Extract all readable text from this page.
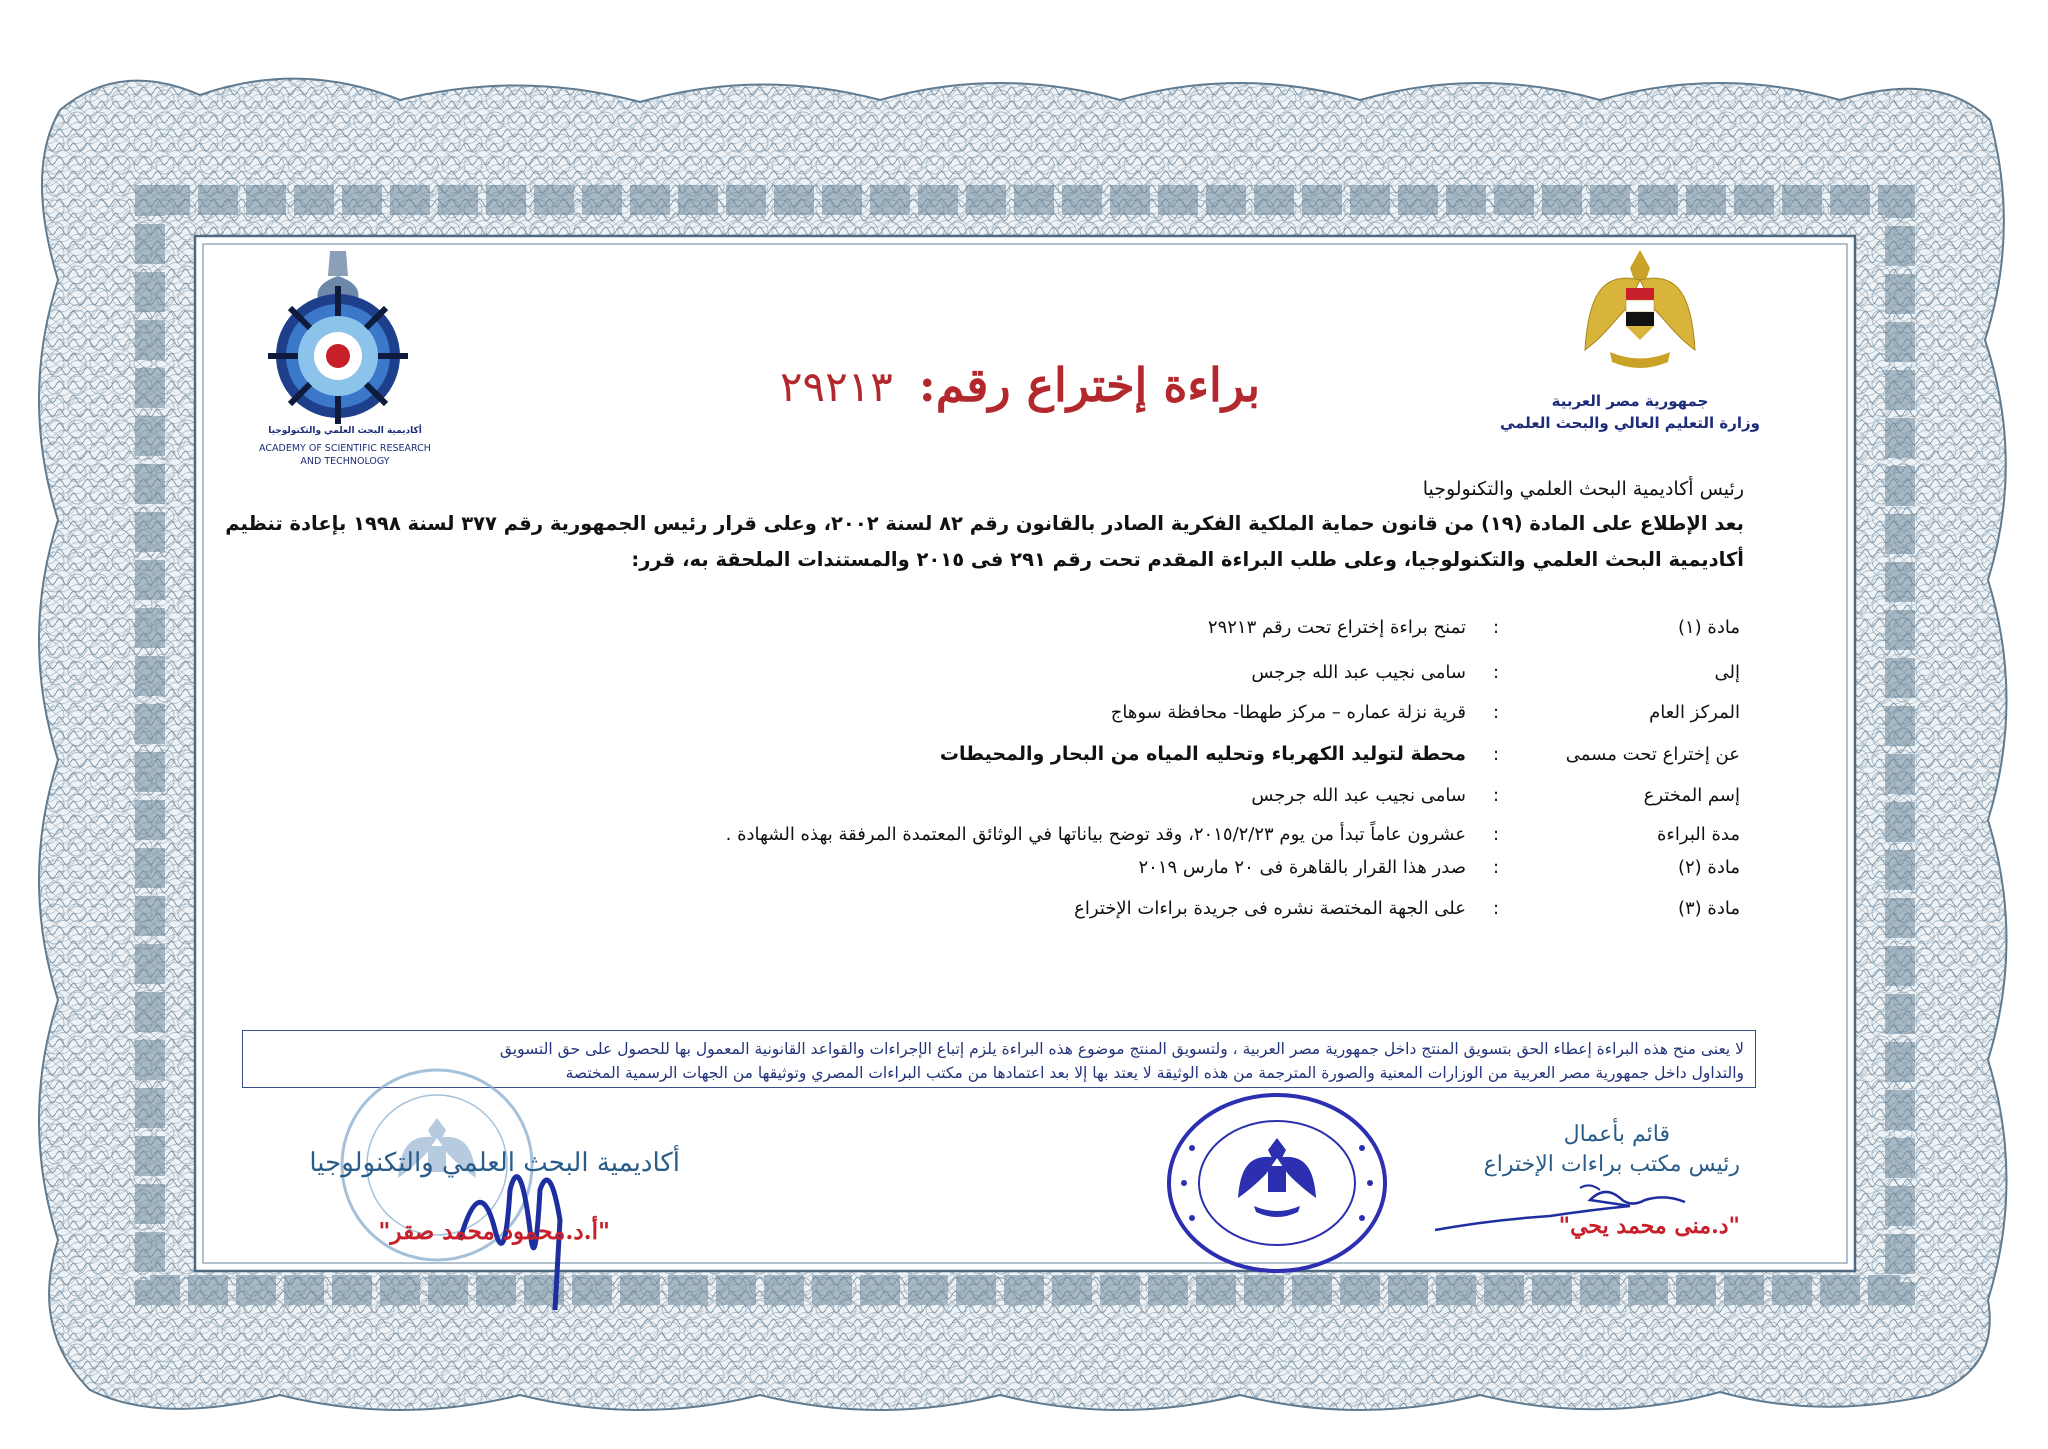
جمهورية مصر العربية
وزارة التعليم العالي والبحث العلمي
أكاديمية البحث العلمي والتكنولوجيا
ACADEMY OF SCIENTIFIC RESEARCH
AND TECHNOLOGY
براءة إختراع رقم:٢٩٢١٣
رئيس أكاديمية البحث العلمي والتكنولوجيا
بعد الإطلاع على المادة (١٩) من قانون حماية الملكية الفكرية الصادر بالقانون رقم ٨٢ لسنة ٢٠٠٢، وعلى قرار رئيس الجمهورية رقم ٣٧٧ لسنة ١٩٩٨ بإعادة تنظيم
أكاديمية البحث العلمي والتكنولوجيا، وعلى طلب البراءة المقدم تحت رقم ٢٩١ فى ٢٠١٥ والمستندات الملحقة به، قرر:
مادة (١)
:
تمنح براءة إختراع تحت رقم ٢٩٢١٣
إلى
:
سامى نجيب عبد الله جرجس
المركز العام
:
قرية نزلة عماره – مركز طهطا- محافظة سوهاج
عن إختراع تحت مسمى
:
محطة لتوليد الكهرباء وتحليه المياه من البحار والمحيطات
إسم المخترع
:
سامى نجيب عبد الله جرجس
مدة البراءة
:
عشرون عاماً تبدأ من يوم ٢٠١٥/٢/٢٣، وقد توضح بياناتها في الوثائق المعتمدة المرفقة بهذه الشهادة .
مادة (٢)
:
صدر هذا القرار بالقاهرة فى ٢٠ مارس ٢٠١٩
مادة (٣)
:
على الجهة المختصة نشره فى جريدة براءات الإختراع
لا يعنى منح هذه البراءة إعطاء الحق بتسويق المنتج داخل جمهورية مصر العربية ، ولتسويق المنتج موضوع هذه البراءة يلزم إتباع الإجراءات والقواعد القانونية المعمول بها للحصول على حق التسويق
والتداول داخل جمهورية مصر العربية من الوزارات المعنية والصورة المترجمة من هذه الوثيقة لا يعتد بها إلا بعد اعتمادها من مكتب البراءات المصري وتوثيقها من الجهات الرسمية المختصة
قائم بأعمال
رئيس مكتب براءات الإختراع
"د.منى محمد يحي"
أكاديمية البحث العلمي والتكنولوجيا
"أ.د.محمود محمد صقر"
